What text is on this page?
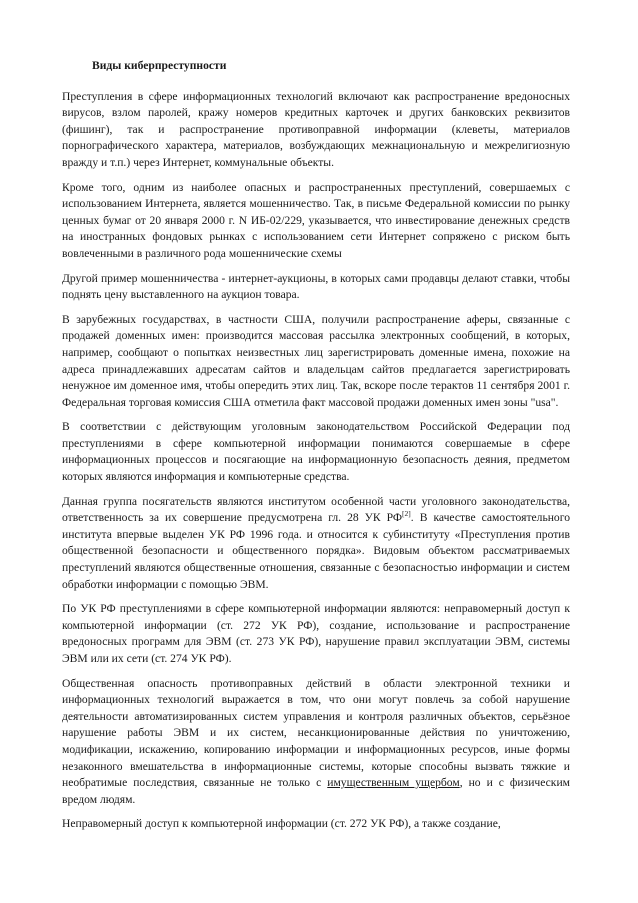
Виды киберпреступности

Преступления в сфере информационных технологий включают как распространение вредоносных вирусов, взлом паролей, кражу номеров кредитных карточек и других банковских реквизитов (фишинг), так и распространение противоправной информации (клеветы, материалов порнографического характера, материалов, возбуждающих межнациональную и межрелигиозную вражду и т.п.) через Интернет, коммунальные объекты.

Кроме того, одним из наиболее опасных и распространенных преступлений, совершаемых с использованием Интернета, является мошенничество. Так, в письме Федеральной комиссии по рынку ценных бумаг от 20 января 2000 г. N ИБ-02/229, указывается, что инвестирование денежных средств на иностранных фондовых рынках с использованием сети Интернет сопряжено с риском быть вовлеченными в различного рода мошеннические схемы

Другой пример мошенничества - интернет-аукционы, в которых сами продавцы делают ставки, чтобы поднять цену выставленного на аукцион товара.

В зарубежных государствах, в частности США, получили распространение аферы, связанные с продажей доменных имен: производится массовая рассылка электронных сообщений, в которых, например, сообщают о попытках неизвестных лиц зарегистрировать доменные имена, похожие на адреса принадлежавших адресатам сайтов и владельцам сайтов предлагается зарегистрировать ненужное им доменное имя, чтобы опередить этих лиц. Так, вскоре после терактов 11 сентября 2001 г. Федеральная торговая комиссия США отметила факт массовой продажи доменных имен зоны "usa".

В соответствии с действующим уголовным законодательством Российской Федерации под преступлениями в сфере компьютерной информации понимаются совершаемые в сфере информационных процессов и посягающие на информационную безопасность деяния, предметом которых являются информация и компьютерные средства.

Данная группа посягательств являются институтом особенной части уголовного законодательства, ответственность за их совершение предусмотрена гл. 28 УК РФ[2]. В качестве самостоятельного института впервые выделен УК РФ 1996 года. и относится к субинституту «Преступления против общественной безопасности и общественного порядка». Видовым объектом рассматриваемых преступлений являются общественные отношения, связанные с безопасностью информации и систем обработки информации с помощью ЭВМ.

По УК РФ преступлениями в сфере компьютерной информации являются: неправомерный доступ к компьютерной информации (ст. 272 УК РФ), создание, использование и распространение вредоносных программ для ЭВМ (ст. 273 УК РФ), нарушение правил эксплуатации ЭВМ, системы ЭВМ или их сети (ст. 274 УК РФ).

Общественная опасность противоправных действий в области электронной техники и информационных технологий выражается в том, что они могут повлечь за собой нарушение деятельности автоматизированных систем управления и контроля различных объектов, серьёзное нарушение работы ЭВМ и их систем, несанкционированные действия по уничтожению, модификации, искажению, копированию информации и информационных ресурсов, иные формы незаконного вмешательства в информационные системы, которые способны вызвать тяжкие и необратимые последствия, связанные не только с имущественным ущербом, но и с физическим вредом людям.

Неправомерный доступ к компьютерной информации (ст. 272 УК РФ), а также создание,
